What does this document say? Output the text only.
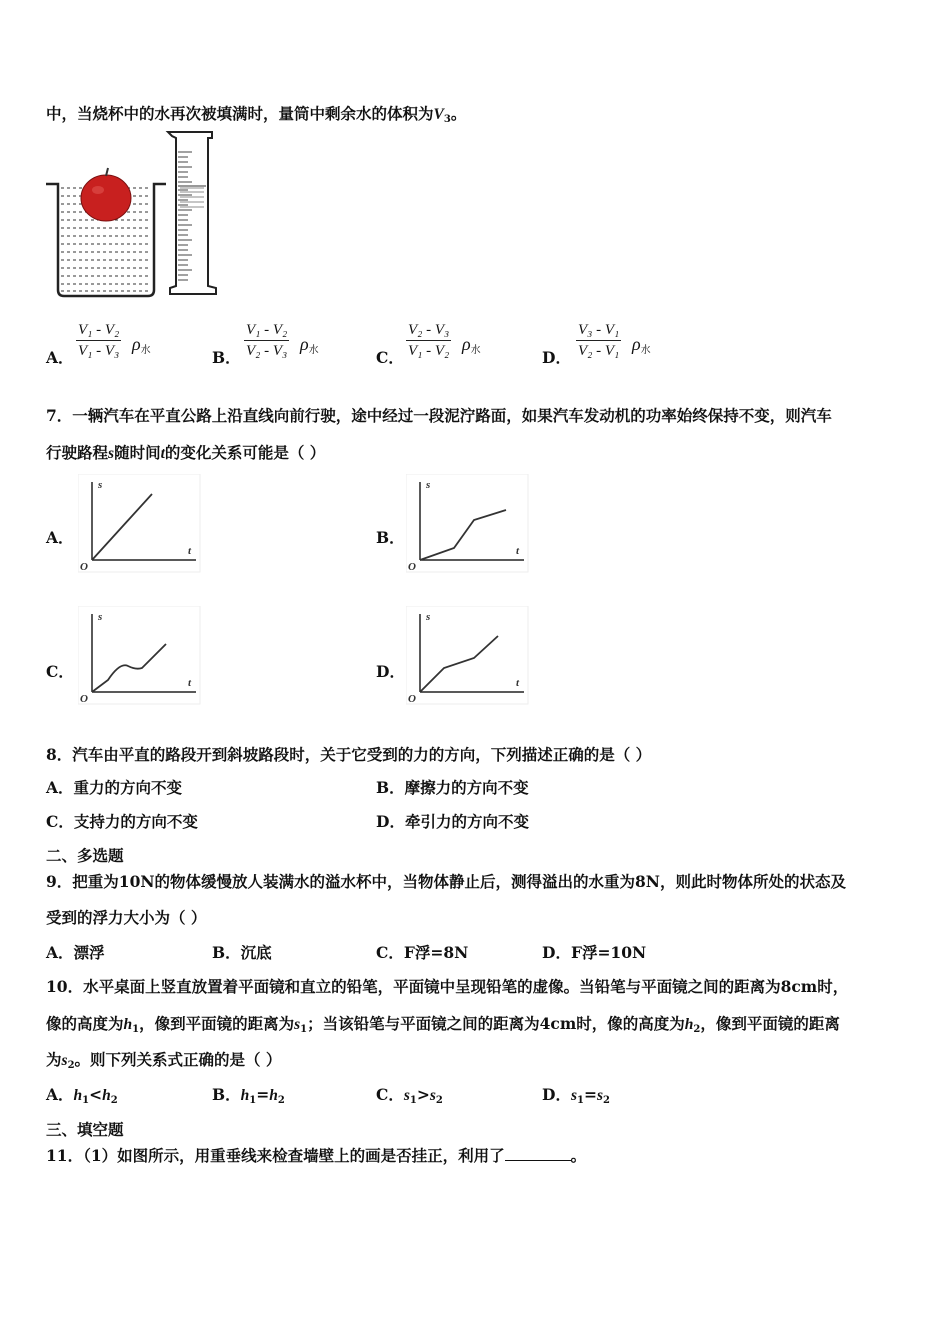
中，当烧杯中的水再次被填满时，量筒中剩余水的体积为$V_3$。
A． $\frac{\text{V₁ - V₂}}{\text{V₁ - V₃}} \rho_水$	B． $\frac{\text{V₁ - V₂}}{\text{V₂ - V₃}} \rho_水$	C． $\frac{\text{V₂ - V₃}}{\text{V₁ - V₂}} \rho_水$	D． $\frac{\text{V₃ - V₁}}{\text{V₂ - V₁}} \rho_水$
7．一辆汽车在平直公路上沿直线向前行驶，途中经过一段泥泞路面，如果汽车发动机的功率始终保持不变，则汽车
行驶路程s随时间t的变化关系可能是（ ）
A．
s
t
O
B．
s
t
O
C．
s
t
O
D．
s
t
O
8．汽车由平直的路段开到斜坡路段时，关于它受到的力的方向，下列描述正确的是（ ）
A．重力的方向不变	B．摩擦力的方向不变
C．支持力的方向不变	D．牵引力的方向不变
二、多选题
9．把重为10N的物体缓慢放人装满水的溢水杯中，当物体静止后，测得溢出的水重为8N，则此时物体所处的状态及
受到的浮力大小为（ ）
A．漂浮	B．沉底	C．F浮=8N	D．F浮=10N
10．水平桌面上竖直放置着平面镜和直立的铅笔，平面镜中呈现铅笔的虚像。当铅笔与平面镜之间的距离为8cm时，
像的高度为$h_1$，像到平面镜的距离为$s_1$；当该铅笔与平面镜之间的距离为4cm时，像的高度为$h_2$，像到平面镜的距离
为$s_2$。则下列关系式正确的是（ ）
A．$h_1<h_2$	B．$h_1=h_2$	C．$s_1>s_2$	D．$s_1=s_2$
三、填空题
11．（1）如图所示，用重垂线来检查墙壁上的画是否挂正，利用了	。
